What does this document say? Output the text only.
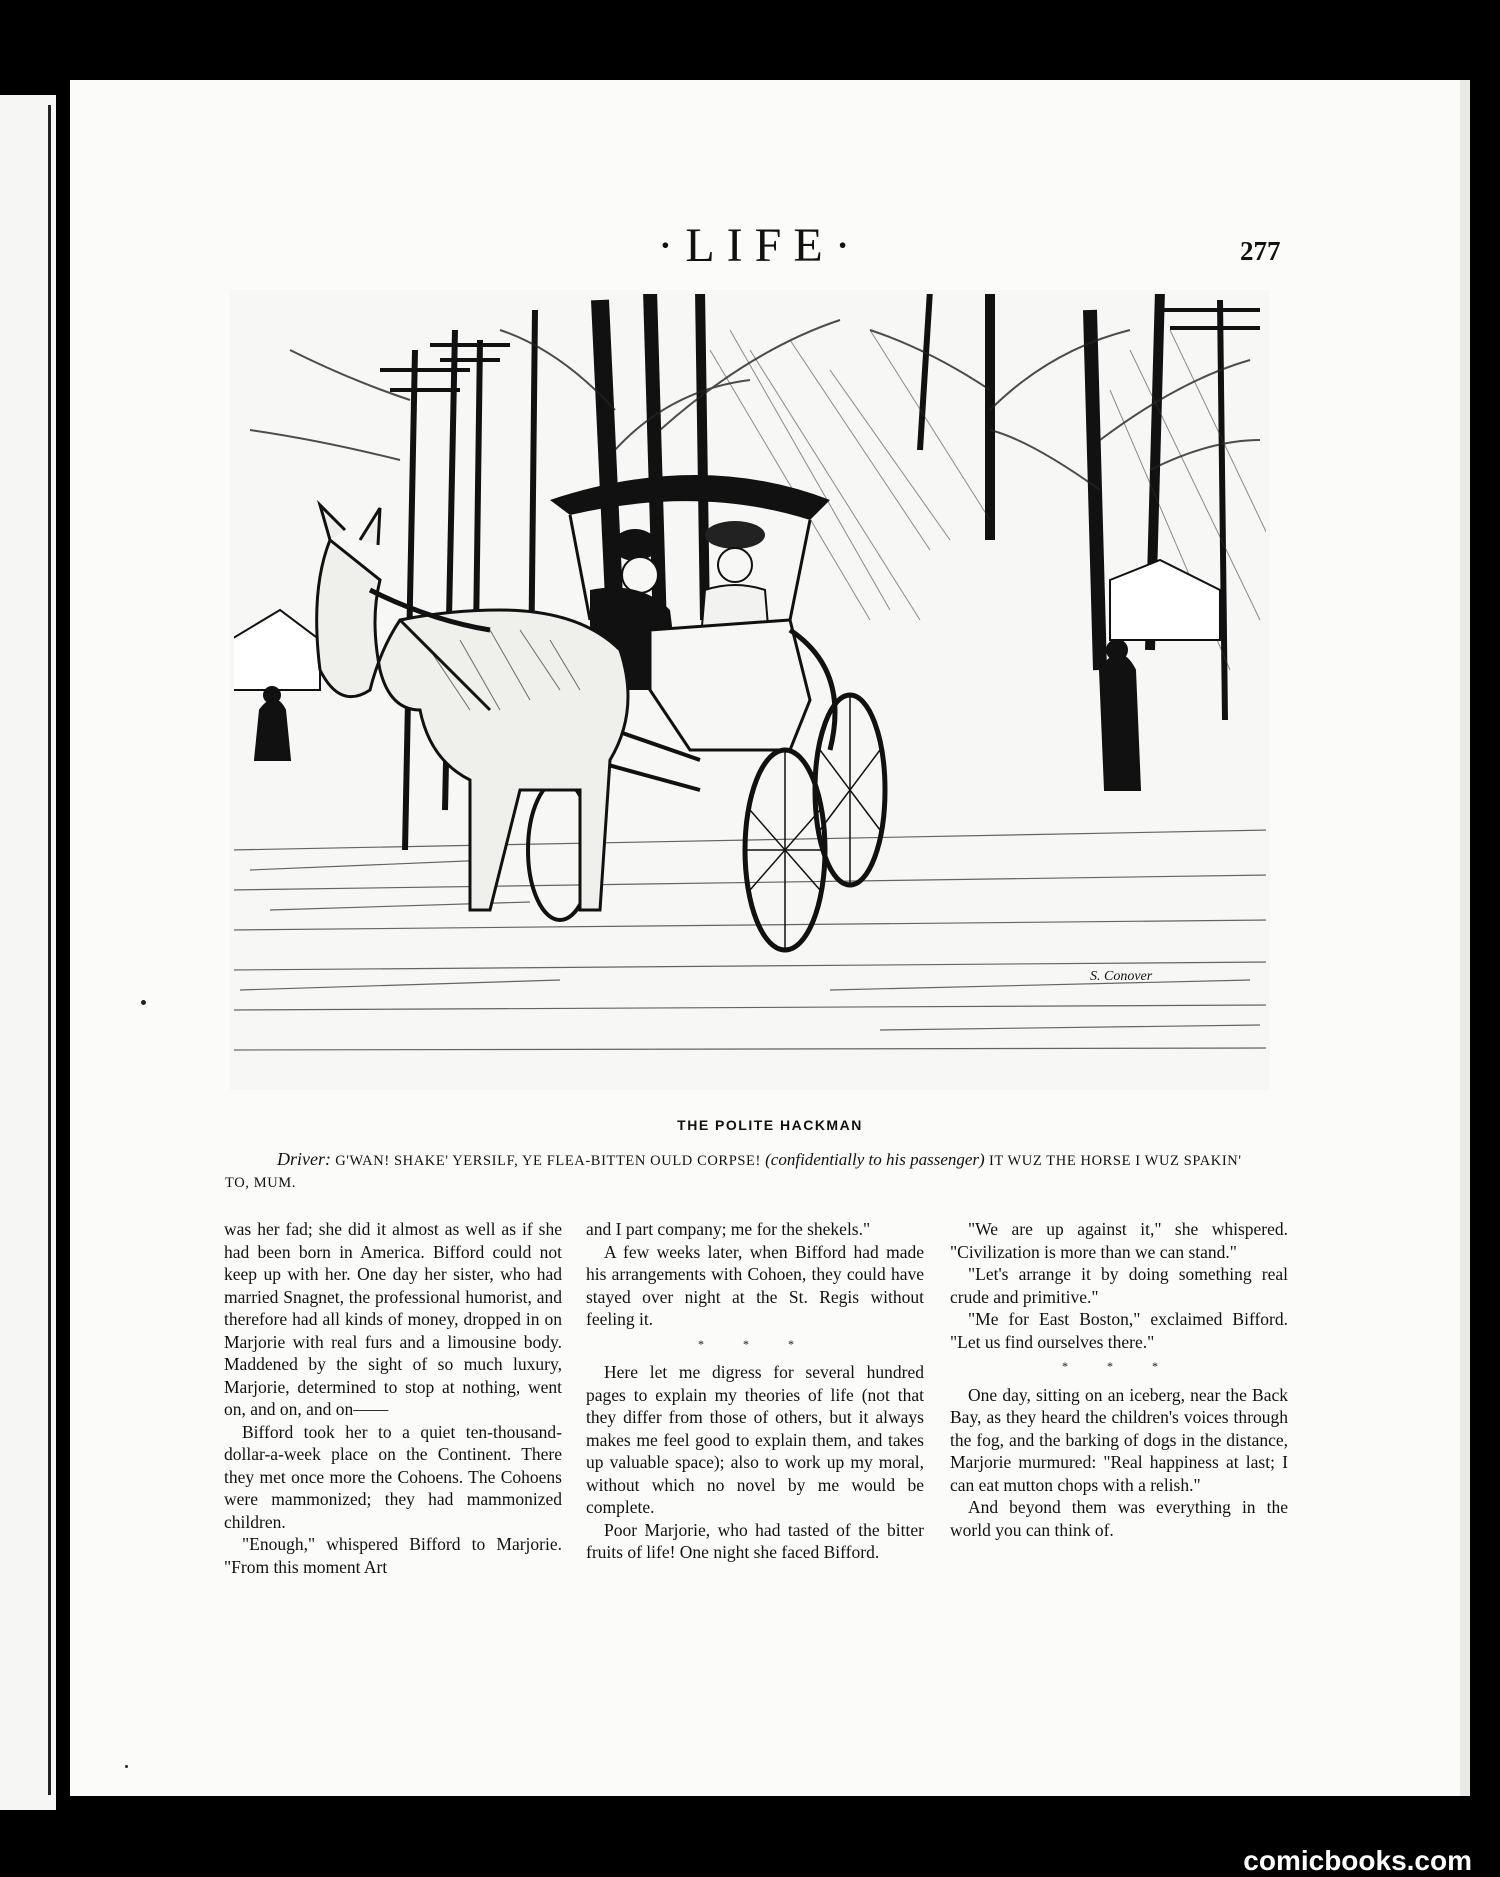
·LIFE·	277
S. Conover
THE POLITE HACKMAN
Driver: G'WAN! SHAKE' YERSILF, YE FLEA-BITTEN OULD CORPSE! (confidentially to his passenger) IT WUZ THE HORSE I WUZ SPAKIN' TO, MUM.

was her fad; she did it almost as well as if she had been born in America. Bifford could not keep up with her. One day her sister, who had married Snagnet, the professional humorist, and therefore had all kinds of money, dropped in on Marjorie with real furs and a limousine body. Maddened by the sight of so much luxury, Marjorie, determined to stop at nothing, went on, and on, and on——

Bifford took her to a quiet ten-thousand-dollar-a-week place on the Continent. There they met once more the Cohoens. The Cohoens were mammonized; they had mammonized children.

"Enough," whispered Bifford to Marjorie. "From this moment Art

and I part company; me for the shekels."

A few weeks later, when Bifford had made his arrangements with Cohoen, they could have stayed over night at the St. Regis without feeling it.

* * *

Here let me digress for several hundred pages to explain my theories of life (not that they differ from those of others, but it always makes me feel good to explain them, and takes up valuable space); also to work up my moral, without which no novel by me would be complete.

Poor Marjorie, who had tasted of the bitter fruits of life! One night she faced Bifford.

"We are up against it," she whispered. "Civilization is more than we can stand."

"Let's arrange it by doing something real crude and primitive."

"Me for East Boston," exclaimed Bifford. "Let us find ourselves there."

* * *

One day, sitting on an iceberg, near the Back Bay, as they heard the children's voices through the fog, and the barking of dogs in the distance, Marjorie murmured: "Real happiness at last; I can eat mutton chops with a relish."

And beyond them was everything in the world you can think of.

comicbooks.com
